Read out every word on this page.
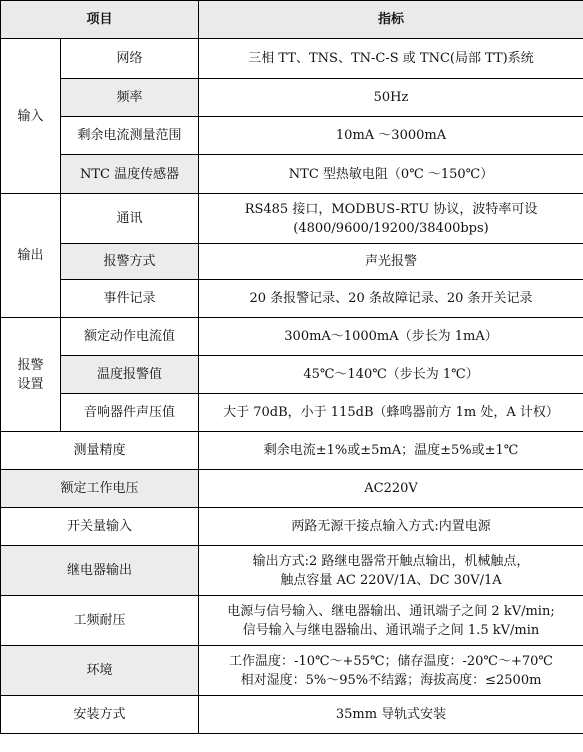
项目		指标
输入	网络	三相 TT、TNS、TN-C-S 或 TNC(局部 TT)系统
	频率	50Hz
	剩余电流测量范围	10mA ～3000mA
	NTC 温度传感器	NTC 型热敏电阻（0℃ ～150℃）
输出	通讯	RS485 接口，MODBUS-RTU 协议，波特率可设
(4800/9600/19200/38400bps)

	报警方式	声光报警
	事件记录	20 条报警记录、20 条故障记录、20 条开关记录

报警
设置	额定动作电流值	300mA～1000mA（步长为 1mA）
	温度报警值	45℃～140℃（步长为 1℃）
	音响器件声压值	大于 70dB，小于 115dB（蜂鸣器前方 1m 处，A 计权）
测量精度		剩余电流±1%或±5mA；温度±5%或±1℃
额定工作电压		AC220V
开关量输入		两路无源干接点输入方式:内置电源
继电器输出		输出方式:2 路继电器常开触点输出，机械触点，
触点容量 AC 220V/1A、DC 30V/1A

工频耐压		电源与信号输入、继电器输出、通讯端子之间 2 kV/min;
信号输入与继电器输出、通讯端子之间 1.5 kV/min

环境		工作温度：-10℃～+55℃；储存温度：-20℃～+70℃
相对湿度：5%～95%不结露；海拔高度：≤2500m

安装方式		35mm 导轨式安装
